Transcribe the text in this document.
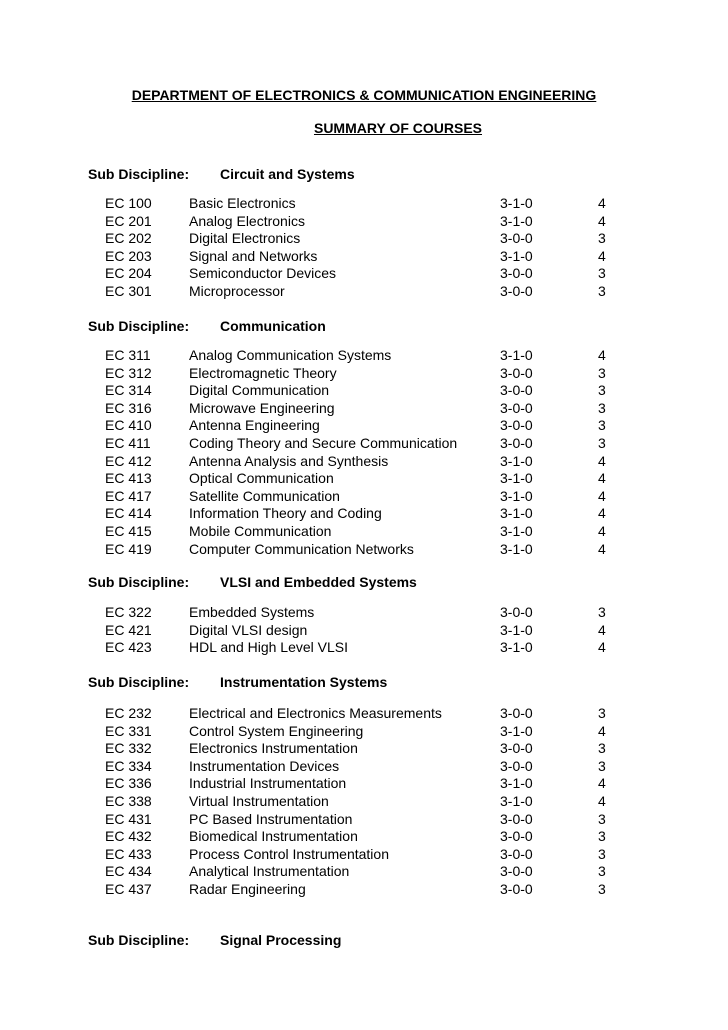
DEPARTMENT OF ELECTRONICS & COMMUNICATION ENGINEERING
SUMMARY OF COURSES
Sub Discipline: Circuit and Systems
EC 100	Basic Electronics	3-1-0	4
EC 201	Analog Electronics	3-1-0	4
EC 202	Digital Electronics	3-0-0	3
EC 203	Signal and Networks	3-1-0	4
EC 204	Semiconductor Devices	3-0-0	3
EC 301	Microprocessor	3-0-0	3
Sub Discipline: Communication
EC 311	Analog Communication Systems	3-1-0	4
EC 312	Electromagnetic Theory	3-0-0	3
EC 314	Digital Communication	3-0-0	3
EC 316	Microwave Engineering	3-0-0	3
EC 410	Antenna Engineering	3-0-0	3
EC 411	Coding Theory and Secure Communication	3-0-0	3
EC 412	Antenna Analysis and Synthesis	3-1-0	4
EC 413	Optical Communication	3-1-0	4
EC 417	Satellite Communication	3-1-0	4
EC 414	Information Theory and Coding	3-1-0	4
EC 415	Mobile Communication	3-1-0	4
EC 419	Computer Communication Networks	3-1-0	4
Sub Discipline: VLSI and Embedded Systems
EC 322	Embedded Systems	3-0-0	3
EC 421	Digital VLSI design	3-1-0	4
EC 423	HDL and High Level VLSI	3-1-0	4
Sub Discipline: Instrumentation Systems
EC 232	Electrical and Electronics Measurements	3-0-0	3
EC 331	Control System Engineering	3-1-0	4
EC 332	Electronics Instrumentation	3-0-0	3
EC 334	Instrumentation Devices	3-0-0	3
EC 336	Industrial Instrumentation	3-1-0	4
EC 338	Virtual Instrumentation	3-1-0	4
EC 431	PC Based Instrumentation	3-0-0	3
EC 432	Biomedical Instrumentation	3-0-0	3
EC 433	Process Control Instrumentation	3-0-0	3
EC 434	Analytical Instrumentation	3-0-0	3
EC 437	Radar Engineering	3-0-0	3
Sub Discipline: Signal Processing
